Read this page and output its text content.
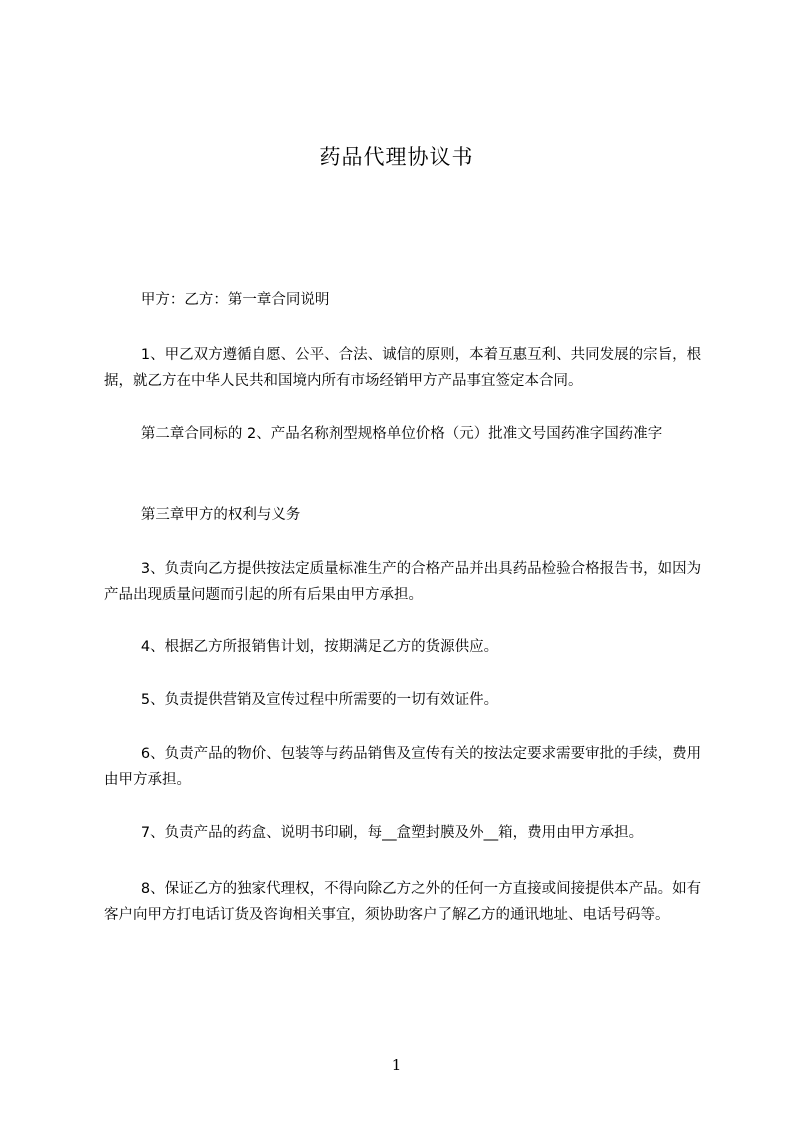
药品代理协议书
甲方：乙方：第一章合同说明
1、甲乙双方遵循自愿、公平、合法、诚信的原则，本着互惠互利、共同发展的宗旨，根据，就乙方在中华人民共和国境内所有市场经销甲方产品事宜签定本合同。
第二章合同标的 2、产品名称剂型规格单位价格（元）批准文号国药准字国药准字
第三章甲方的权利与义务
3、负责向乙方提供按法定质量标准生产的合格产品并出具药品检验合格报告书，如因为产品出现质量问题而引起的所有后果由甲方承担。
4、根据乙方所报销售计划，按期满足乙方的货源供应。
5、负责提供营销及宣传过程中所需要的一切有效证件。
6、负责产品的物价、包装等与药品销售及宣传有关的按法定要求需要审批的手续，费用由甲方承担。
7、负责产品的药盒、说明书印刷，每__盒塑封膜及外__箱，费用由甲方承担。
8、保证乙方的独家代理权，不得向除乙方之外的任何一方直接或间接提供本产品。如有客户向甲方打电话订货及咨询相关事宜，须协助客户了解乙方的通讯地址、电话号码等。
1
